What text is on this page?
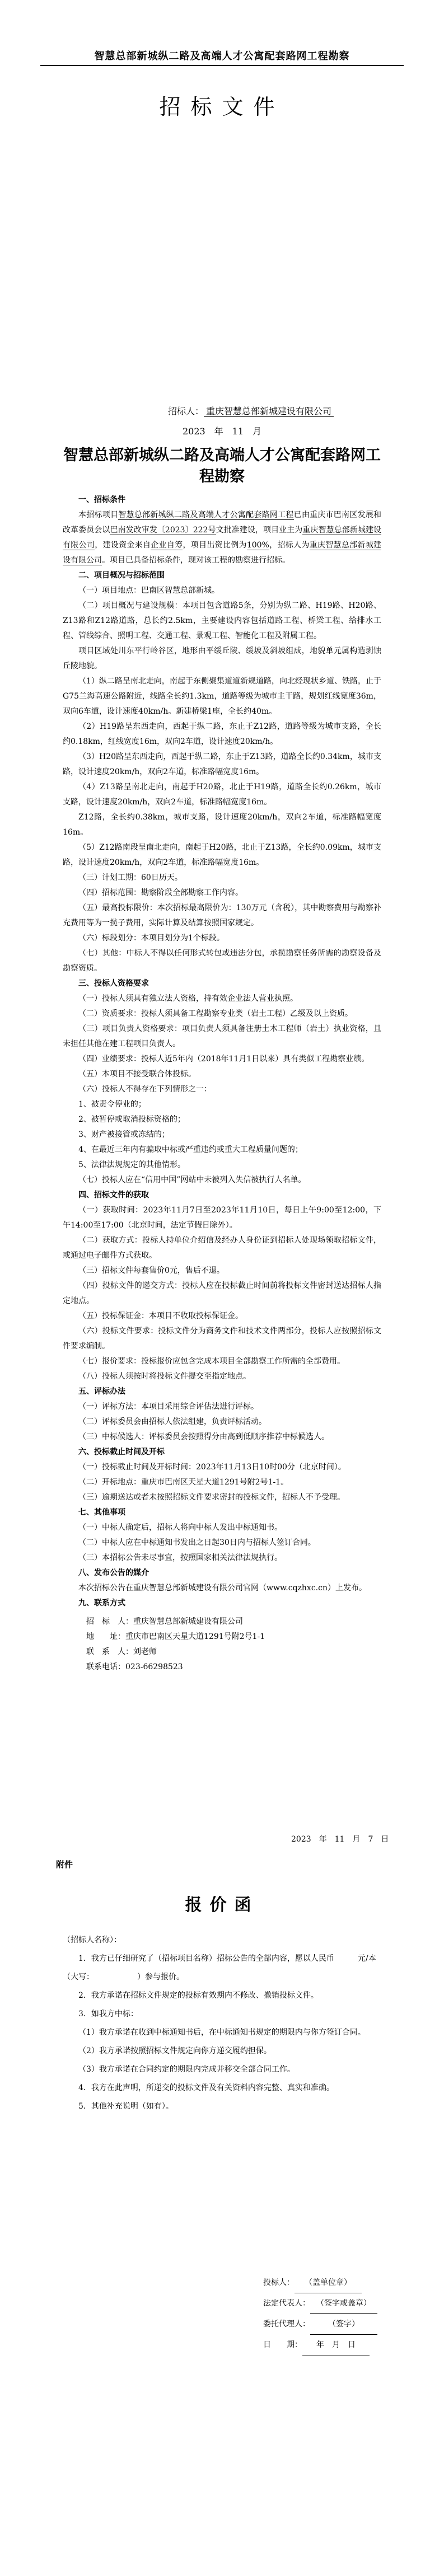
智慧总部新城纵二路及高端人才公寓配套路网工程勘察
招标文件
招标人： 重庆智慧总部新城建设有限公司
2023　年　11　月
智慧总部新城纵二路及高端人才公寓配套路网工程勘察

一、招标条件

本招标项目智慧总部新城纵二路及高端人才公寓配套路网工程已由重庆市巴南区发展和改革委员会以巴南发改审发〔2023〕222号文批准建设，项目业主为重庆智慧总部新城建设有限公司，建设资金来自企业自筹，项目出资比例为100%，招标人为重庆智慧总部新城建设有限公司。项目已具备招标条件，现对该工程的勘察进行招标。

二、项目概况与招标范围

（一）项目地点：巴南区智慧总部新城。

（二）项目概况与建设规模：本项目包含道路5条，分别为纵二路、H19路、H20路、Z13路和Z12路道路，总长约2.5km，主要建设内容包括道路工程、桥梁工程、给排水工程、管线综合、照明工程、交通工程、景观工程、智能化工程及附属工程。

项目区域处川东平行岭谷区，地形由平缓丘陵、缓坡及斜坡组成，地貌单元属构造剥蚀丘陵地貌。

（1）纵二路呈南北走向，南起于东侧聚集道道新规道路，向北经现状乡道、铁路，止于G75兰海高速公路附近，线路全长约1.3km，道路等级为城市主干路，规划红线宽度36m，双向6车道，设计速度40km/h。新建桥梁1座，全长约40m。

（2）H19路呈东西走向，西起于纵二路，东止于Z12路，道路等级为城市支路，全长约0.18km，红线宽度16m，双向2车道，设计速度20km/h。

（3）H20路呈东西走向，西起于纵二路，东止于Z13路，道路全长约0.34km，城市支路，设计速度20km/h，双向2车道，标准路幅宽度16m。

（4）Z13路呈南北走向，南起于H20路，北止于H19路，道路全长约0.26km，城市支路，设计速度20km/h，双向2车道，标准路幅宽度16m。

Z12路，全长约0.38km，城市支路，设计速度20km/h，双向2车道，标准路幅宽度16m。

（5）Z12路南段呈南北走向，南起于H20路，北止于Z13路，全长约0.09km，城市支路，设计速度20km/h，双向2车道，标准路幅宽度16m。

（三）计划工期：60日历天。

（四）招标范围：勘察阶段全部勘察工作内容。

（五）最高投标限价：本次招标最高限价为：130万元（含税），其中勘察费用与勘察补充费用等为一揽子费用，实际计算及结算按照国家规定。

（六）标段划分：本项目划分为1个标段。

（七）其他：中标人不得以任何形式转包或违法分包，承揽勘察任务所需的勘察设备及勘察资质。

三、投标人资格要求

（一）投标人须具有独立法人资格，持有效企业法人营业执照。

（二）资质要求：投标人须具备工程勘察专业类（岩土工程）乙级及以上资质。

（三）项目负责人资格要求：项目负责人须具备注册土木工程师（岩土）执业资格，且未担任其他在建工程项目负责人。

（四）业绩要求：投标人近5年内（2018年11月1日以来）具有类似工程勘察业绩。

（五）本项目不接受联合体投标。

（六）投标人不得存在下列情形之一：

1、被责令停业的；

2、被暂停或取消投标资格的；

3、财产被接管或冻结的；

4、在最近三年内有骗取中标或严重违约或重大工程质量问题的；

5、法律法规规定的其他情形。

（七）投标人应在“信用中国”网站中未被列入失信被执行人名单。

四、招标文件的获取

（一）获取时间：2023年11月7日至2023年11月10日，每日上午9:00至12:00，下午14:00至17:00（北京时间，法定节假日除外）。

（二）获取方式：投标人持单位介绍信及经办人身份证到招标人处现场领取招标文件，或通过电子邮件方式获取。

（三）招标文件每套售价0元，售后不退。

（四）投标文件的递交方式：投标人应在投标截止时间前将投标文件密封送达招标人指定地点。

（五）投标保证金：本项目不收取投标保证金。

（六）投标文件要求：投标文件分为商务文件和技术文件两部分，投标人应按照招标文件要求编制。

（七）报价要求：投标报价应包含完成本项目全部勘察工作所需的全部费用。

（八）投标人须按时将投标文件提交至指定地点。

五、评标办法

（一）评标方法：本项目采用综合评估法进行评标。

（二）评标委员会由招标人依法组建，负责评标活动。

（三）中标候选人：评标委员会按照得分由高到低顺序推荐中标候选人。

六、投标截止时间及开标

（一）投标截止时间及开标时间：2023年11月13日10时00分（北京时间）。

（二）开标地点：重庆市巴南区天星大道1291号附2号1-1。

（三）逾期送达或者未按照招标文件要求密封的投标文件，招标人不予受理。

七、其他事项

（一）中标人确定后，招标人将向中标人发出中标通知书。

（二）中标人应在中标通知书发出之日起30日内与招标人签订合同。

（三）本招标公告未尽事宜，按照国家相关法律法规执行。

八、发布公告的媒介

本次招标公告在重庆智慧总部新城建设有限公司官网（www.cqzhxc.cn）上发布。

九、联系方式

招　标　人：重庆智慧总部新城建设有限公司

地　　址：重庆市巴南区天星大道1291号附2号1-1

联　系　人：刘老师

联系电话：023-66298523

2023　年　11　月　7　日
附件
报价函

（招标人名称）：

1．我方已仔细研究了（招标项目名称）招标公告的全部内容，愿以人民币　　　元/本（大写：　　　　　　）参与报价。

2．我方承诺在招标文件规定的投标有效期内不修改、撤销投标文件。

3．如我方中标：

（1）我方承诺在收到中标通知书后，在中标通知书规定的期限内与你方签订合同。

（2）我方承诺按照招标文件规定向你方递交履约担保。

（3）我方承诺在合同约定的期限内完成并移交全部合同工作。

4．我方在此声明，所递交的投标文件及有关资料内容完整、真实和准确。

5．其他补充说明（如有）。

投标人： （盖单位章）
法定代表人： （签字或盖章）
委托代理人： （签字）
日　　期： 年　月　日
